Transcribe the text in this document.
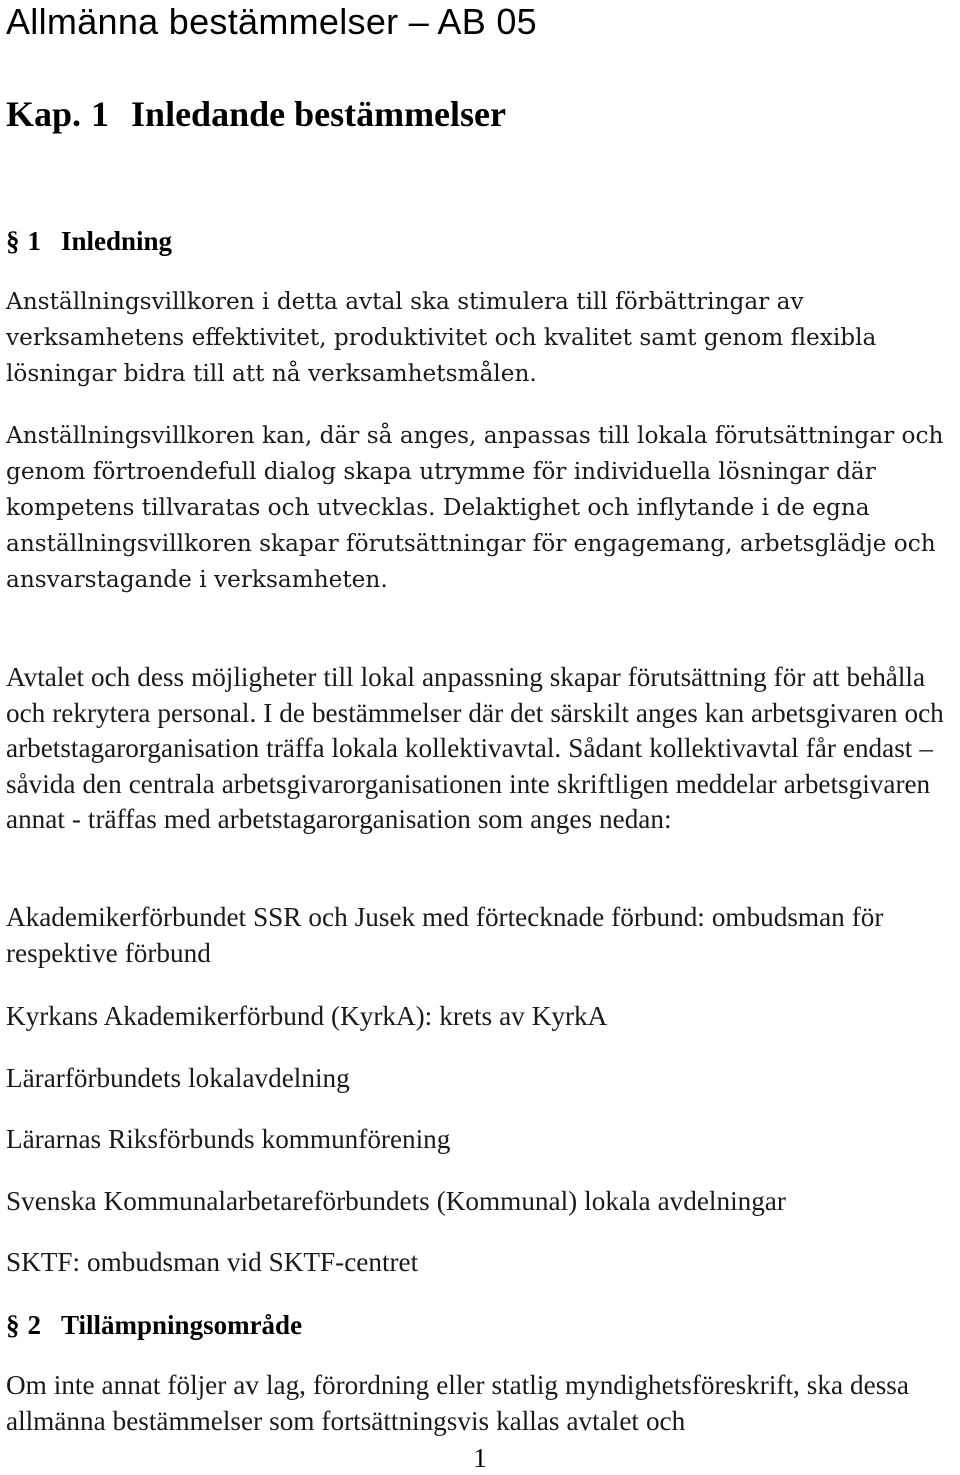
Allmänna bestämmelser – AB 05
Kap. 1 Inledande bestämmelser
§ 1 Inledning

Anställningsvillkoren i detta avtal ska stimulera till förbättringar av verksamhetens effektivitet, produktivitet och kvalitet samt genom flexibla lösningar bidra till att nå verksamhetsmålen.

Anställningsvillkoren kan, där så anges, anpassas till lokala förutsättningar och genom förtroendefull dialog skapa utrymme för individuella lösningar där kompetens tillvaratas och utvecklas. Delaktighet och inflytande i de egna anställningsvillkoren skapar förutsättningar för engagemang, arbetsglädje och ansvarstagande i verksamheten.

Avtalet och dess möjligheter till lokal anpassning skapar förutsättning för att behålla och rekrytera personal. I de bestämmelser där det särskilt anges kan arbetsgivaren och arbetstagarorganisation träffa lokala kollektivavtal. Sådant kollektivavtal får endast – såvida den centrala arbetsgivarorganisationen inte skriftligen meddelar arbetsgivaren annat - träffas med arbetstagarorganisation som anges nedan:

Akademikerförbundet SSR och Jusek med förtecknade förbund: ombudsman för respektive förbund

Kyrkans Akademikerförbund (KyrkA): krets av KyrkA

Lärarförbundets lokalavdelning

Lärarnas Riksförbunds kommunförening

Svenska Kommunalarbetareförbundets (Kommunal) lokala avdelningar

SKTF: ombudsman vid SKTF-centret

§ 2 Tillämpningsområde

Om inte annat följer av lag, förordning eller statlig myndighetsföreskrift, ska dessa allmänna bestämmelser som fortsättningsvis kallas avtalet och

1
